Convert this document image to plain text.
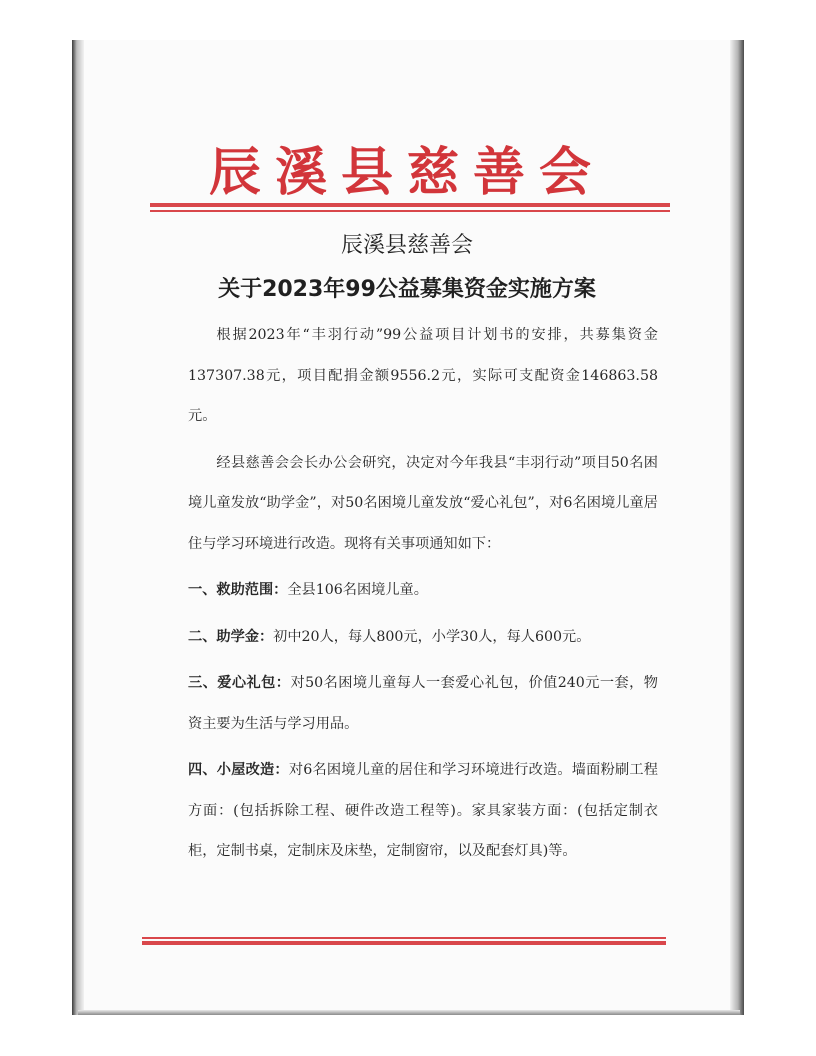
辰溪县慈善会
辰溪县慈善会
关于2023年99公益募集资金实施方案

根据2023年“丰羽行动”99公益项目计划书的安排，共募集资金137307.38元，项目配捐金额9556.2元，实际可支配资金146863.58元。

经县慈善会会长办公会研究，决定对今年我县“丰羽行动”项目50名困境儿童发放“助学金”，对50名困境儿童发放“爱心礼包”，对6名困境儿童居住与学习环境进行改造。现将有关事项通知如下：

一、救助范围：全县106名困境儿童。

二、助学金：初中20人，每人800元，小学30人，每人600元。

三、爱心礼包：对50名困境儿童每人一套爱心礼包，价值240元一套，物资主要为生活与学习用品。

四、小屋改造：对6名困境儿童的居住和学习环境进行改造。墙面粉刷工程方面：(包括拆除工程、硬件改造工程等)。家具家装方面：(包括定制衣柜，定制书桌，定制床及床垫，定制窗帘，以及配套灯具)等。
